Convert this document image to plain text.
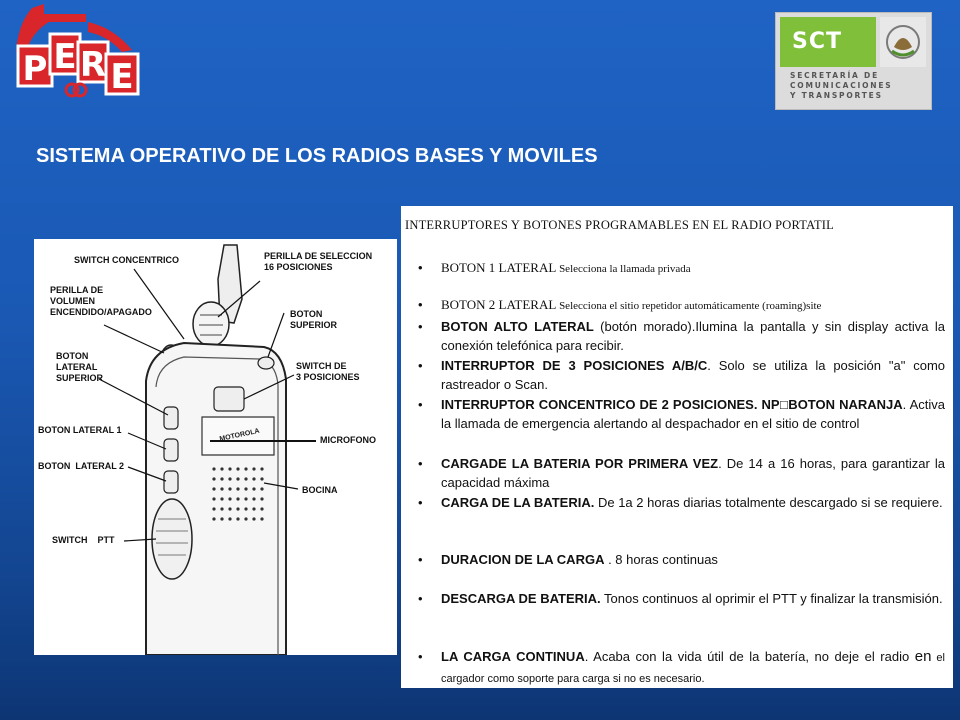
P E R E
SCT
SECRETARÍA DE
COMUNICACIONES
Y TRANSPORTES
SISTEMA OPERATIVO DE LOS RADIOS BASES Y MOVILES
MOTOROLA
SWITCH CONCENTRICO	PERILLA DE SELECCION
16 POSICIONES
PERILLA DE
VOLUMEN
ENCENDIDO/APAGADO	BOTON
SUPERIOR
BOTON
LATERAL
SUPERIOR
SWITCH DE
3 POSICIONES
BOTON LATERAL 1
MICROFONO
BOTON LATERAL 2
BOCINA
SWITCH    PTT
INTERRUPTORES Y BOTONES PROGRAMABLES EN EL RADIO PORTATIL
•	BOTON 1 LATERAL Selecciona la llamada privada
•	BOTON 2 LATERAL Selecciona el sitio repetidor automáticamente (roaming)site
•	BOTON ALTO LATERAL (botón morado).Ilumina la pantalla y sin display activa la conexión telefónica para recibir.
•	INTERRUPTOR DE 3 POSICIONES A/B/C. Solo se utiliza la posición "a" como rastreador o Scan.
•	INTERRUPTOR CONCENTRICO DE 2 POSICIONES. NP□BOTON NARANJA. Activa la llamada de emergencia alertando al despachador en el sitio de control
•	CARGADE LA BATERIA POR PRIMERA VEZ. De 14 a 16 horas, para garantizar la capacidad máxima
•	CARGA DE LA BATERIA. De 1a 2 horas diarias totalmente descargado si se requiere.
•	DURACION DE LA CARGA . 8 horas continuas
•	DESCARGA DE BATERIA. Tonos continuos al oprimir el PTT y finalizar la transmisión.
•	LA CARGA CONTINUA. Acaba con la vida útil de la batería, no deje el radio en el cargador como soporte para carga si no es necesario.
